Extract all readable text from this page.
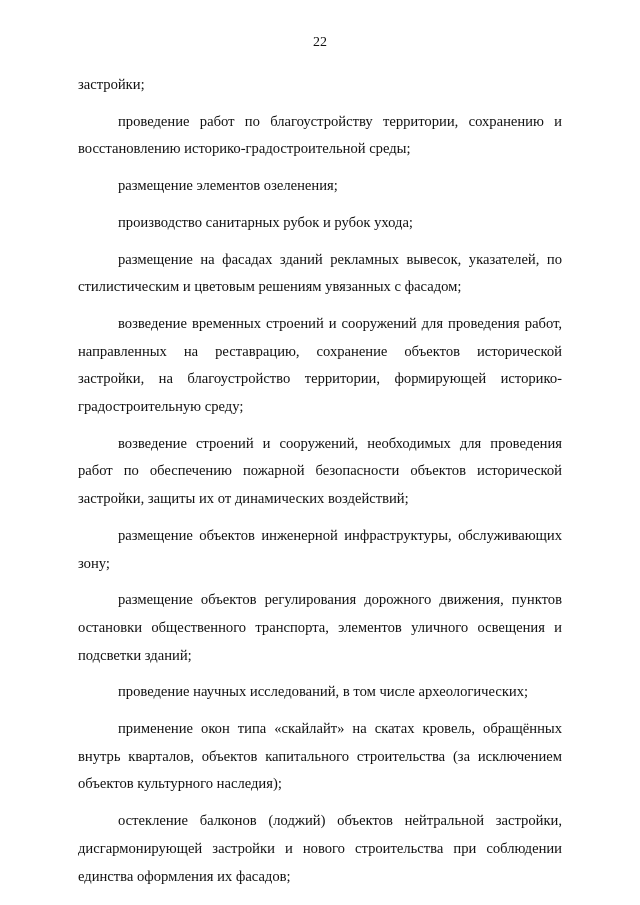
22

застройки;

проведение работ по благоустройству территории, сохранению и восстановлению историко-градостроительной среды;

размещение элементов озеленения;

производство санитарных рубок и рубок ухода;

размещение на фасадах зданий рекламных вывесок, указателей, по стилистическим и цветовым решениям увязанных с фасадом;

возведение временных строений и сооружений для проведения работ, направленных на реставрацию, сохранение объектов исторической застройки, на благоустройство территории, формирующей историко-градостроительную среду;

возведение строений и сооружений, необходимых для проведения работ по обеспечению пожарной безопасности объектов исторической застройки, защиты их от динамических воздействий;

размещение объектов инженерной инфраструктуры, обслуживающих зону;

размещение объектов регулирования дорожного движения, пунктов остановки общественного транспорта, элементов уличного освещения и подсветки зданий;

проведение научных исследований, в том числе археологических;

применение окон типа «скайлайт» на скатах кровель, обращённых внутрь кварталов, объектов капитального строительства (за исключением объектов культурного наследия);

остекление балконов (лоджий) объектов нейтральной застройки, дисгармонирующей застройки и нового строительства при соблюдении единства оформления их фасадов;
